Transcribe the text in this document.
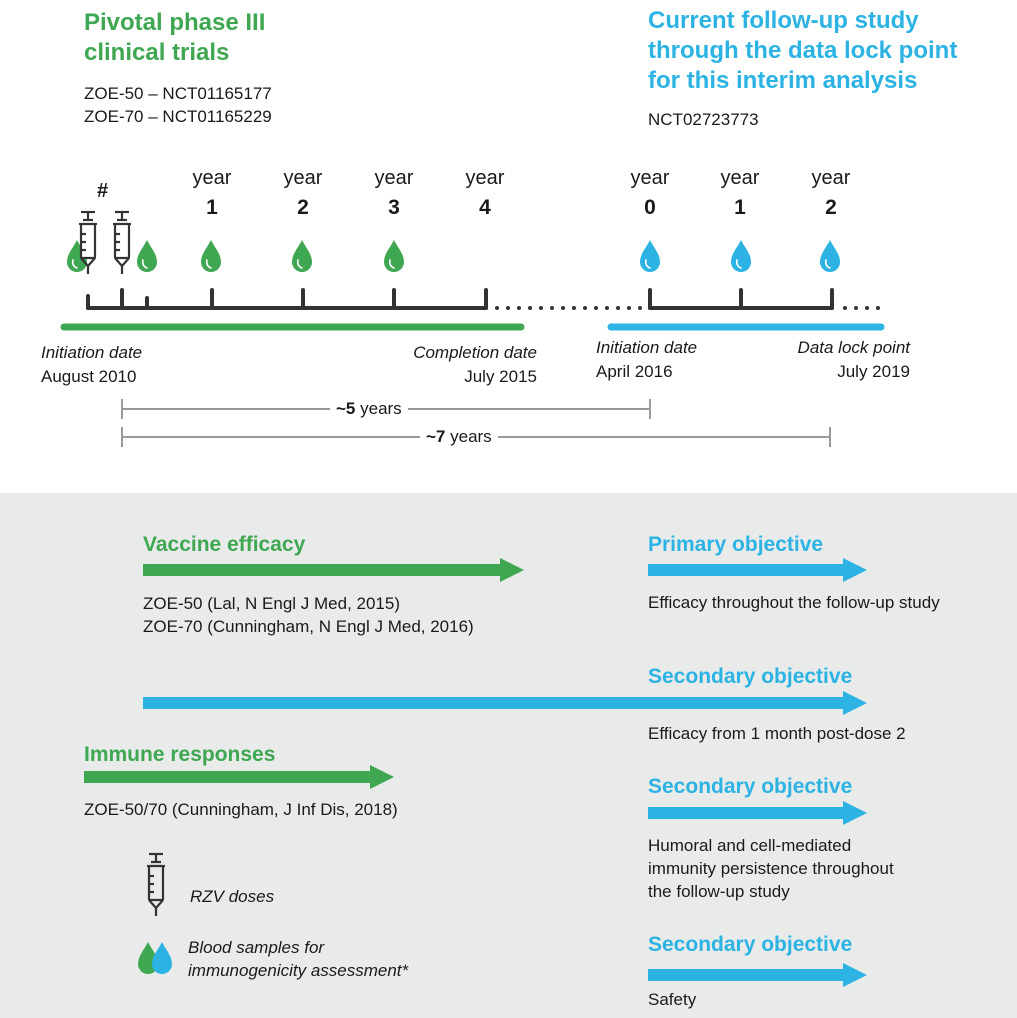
Pivotal phase III
clinical trials
ZOE-50 – NCT01165177
ZOE-70 – NCT01165229
Current follow-up study
through the data lock point
for this interim analysis
NCT02723773
year
1
year
2
year
3
year
4
year
0
year
1
year
2
#
Initiation date
August 2010
Completion date
July 2015
Initiation date
April 2016
Data lock point
July 2019
~5 years
~7 years
Vaccine efficacy
ZOE-50 (Lal, N Engl J Med, 2015)
ZOE-70 (Cunningham, N Engl J Med, 2016)
Primary objective
Efficacy throughout the follow-up study
Secondary objective
Efficacy from 1 month post-dose 2
Immune responses
ZOE-50/70 (Cunningham, J Inf Dis, 2018)
Secondary objective
Humoral and cell-mediated
immunity persistence throughout
the follow-up study
Secondary objective
Safety
RZV doses
Blood samples for
immunogenicity assessment*
